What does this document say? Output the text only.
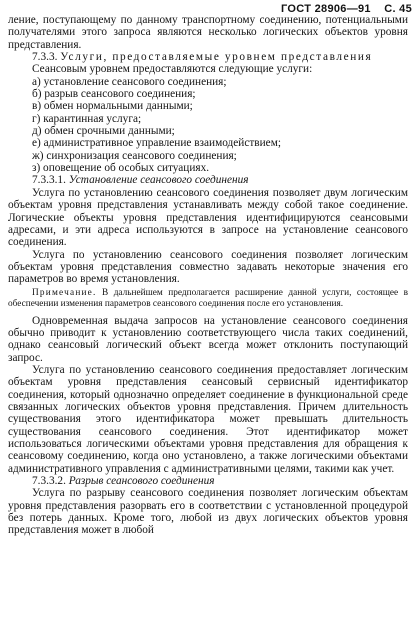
ГОСТ 28906—91 С. 45
ление, поступающему по данному транспортному соединению, потенциальными получателями этого запроса являются несколько логических объектов уровня представления.
7.3.3. Услуги, предоставляемые уровнем представления
Сеансовым уровнем предоставляются следующие услуги:
а) установление сеансового соединения;
б) разрыв сеансового соединения;
в) обмен нормальными данными;
г) карантинная услуга;
д) обмен срочными данными;
е) административное управление взаимодействием;
ж) синхронизация сеансового соединения;
з) оповещение об особых ситуациях.
7.3.3.1. Установление сеансового соединения
Услуга по установлению сеансового соединения позволяет двум логическим объектам уровня представления устанавливать между собой такое соединение. Логические объекты уровня представления идентифицируются сеансовыми адресами, и эти адреса используются в запросе на установление сеансового соединения.
Услуга по установлению сеансового соединения позволяет логическим объектам уровня представления совместно задавать некоторые значения его параметров во время установления.
Примечание. В дальнейшем предполагается расширение данной услуги, состоящее в обеспечении изменения параметров сеансового соединения после его установления.
Одновременная выдача запросов на установление сеансового соединения обычно приводит к установлению соответствующего числа таких соединений, однако сеансовый логический объект всегда может отклонить поступающий запрос.
Услуга по установлению сеансового соединения предоставляет логическим объектам уровня представления сеансовый сервисный идентификатор соединения, который однозначно определяет соединение в функциональной среде связанных логических объектов уровня представления. Причем длительность существования этого идентификатора может превышать длительность существования сеансового соединения. Этот идентификатор может использоваться логическими объектами уровня представления для обращения к сеансовому соединению, когда оно установлено, а также логическими объектами административного управления с административными целями, такими как учет.
7.3.3.2. Разрыв сеансового соединения
Услуга по разрыву сеансового соединения позволяет логическим объектам уровня представления разорвать его в соответствии с установленной процедурой без потерь данных. Кроме того, любой из двух логических объектов уровня представления может в любой
